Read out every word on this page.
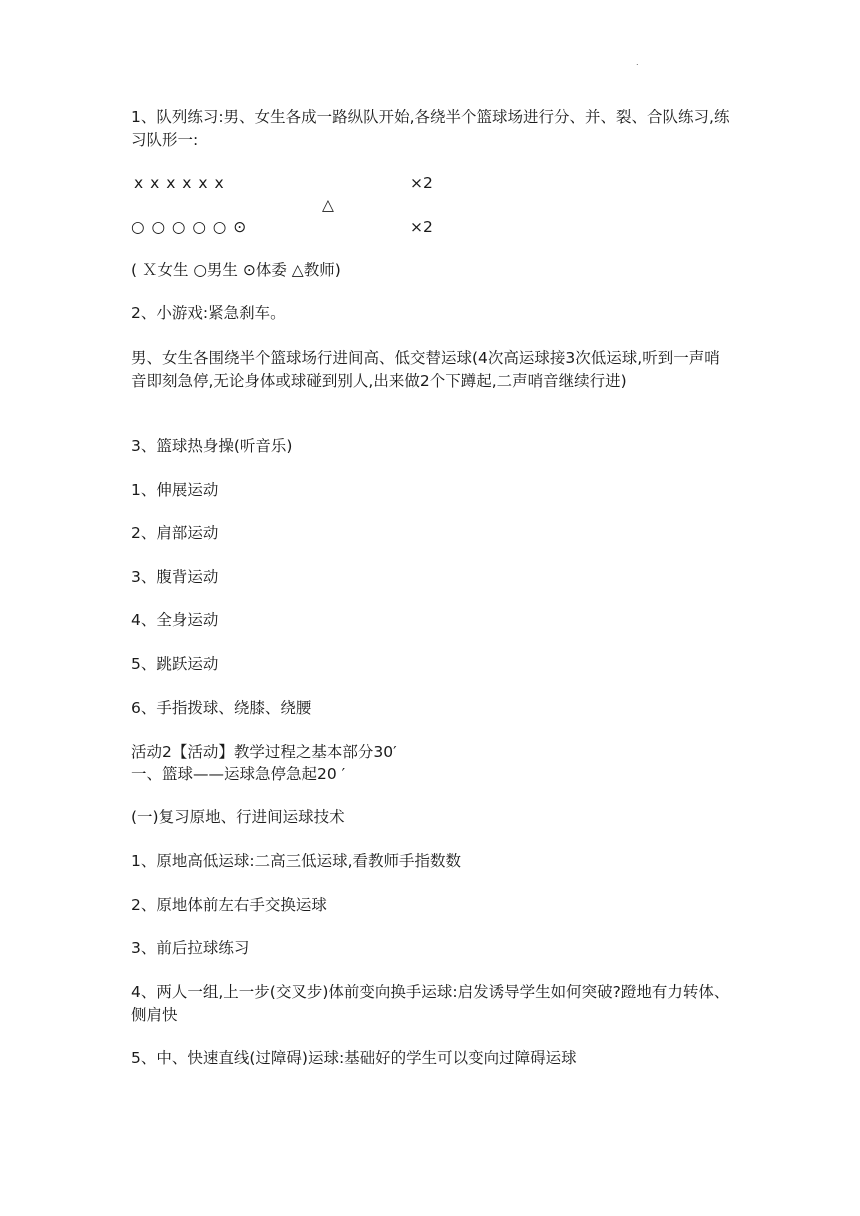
.

1、队列练习:男、女生各成一路纵队开始,各绕半个篮球场进行分、并、裂、合队练习,练习队形一:

x x x x x x	×2
△
○ ○ ○ ○ ○ ⊙	×2

( Ｘ女生 ○男生 ⊙体委 △教师)

2、小游戏:紧急刹车。

男、女生各围绕半个篮球场行进间高、低交替运球(4次高运球接3次低运球,听到一声哨音即刻急停,无论身体或球碰到别人,出来做2个下蹲起,二声哨音继续行进)

3、篮球热身操(听音乐)

1、伸展运动

2、肩部运动

3、腹背运动

4、全身运动

5、跳跃运动

6、手指拨球、绕膝、绕腰

活动2【活动】教学过程之基本部分30′

一、篮球——运球急停急起20 ′

(一)复习原地、行进间运球技术

1、原地高低运球:二高三低运球,看教师手指数数

2、原地体前左右手交换运球

3、前后拉球练习

4、两人一组,上一步(交叉步)体前变向换手运球:启发诱导学生如何突破?蹬地有力转体、侧肩快

5、中、快速直线(过障碍)运球:基础好的学生可以变向过障碍运球
